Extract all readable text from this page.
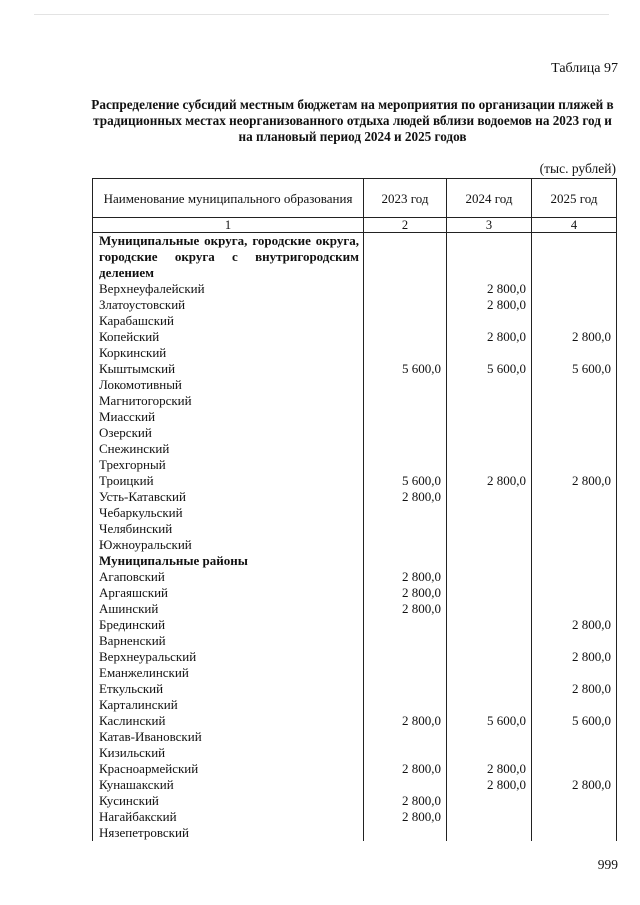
Таблица 97
Распределение субсидий местным бюджетам на мероприятия по организации пляжей в традиционных местах неорганизованного отдыха людей вблизи водоемов на 2023 год и на плановый период 2024 и 2025 годов
(тыс. рублей)
Наименование муниципального образования	2023 год	2024 год	2025 год
1	2	3	4
Муниципальные округа, городские округа, городские округа с внутригородским делением			
Верхнеуфалейский		2 800,0	
Златоустовский		2 800,0	
Карабашский			
Копейский		2 800,0	2 800,0
Коркинский			
Кыштымский	5 600,0	5 600,0	5 600,0
Локомотивный			
Магнитогорский			
Миасский			
Озерский			
Снежинский			
Трехгорный			
Троицкий	5 600,0	2 800,0	2 800,0
Усть-Катавский	2 800,0		
Чебаркульский			
Челябинский			
Южноуральский			
Муниципальные районы			
Агаповский	2 800,0		
Аргаяшский	2 800,0		
Ашинский	2 800,0		
Брединский			2 800,0
Варненский			
Верхнеуральский			2 800,0
Еманжелинский			
Еткульский			2 800,0
Карталинский			
Каслинский	2 800,0	5 600,0	5 600,0
Катав-Ивановский			
Кизильский			
Красноармейский	2 800,0	2 800,0	
Кунашакский		2 800,0	2 800,0
Кусинский	2 800,0		
Нагайбакский	2 800,0		
Нязепетровский			
999
